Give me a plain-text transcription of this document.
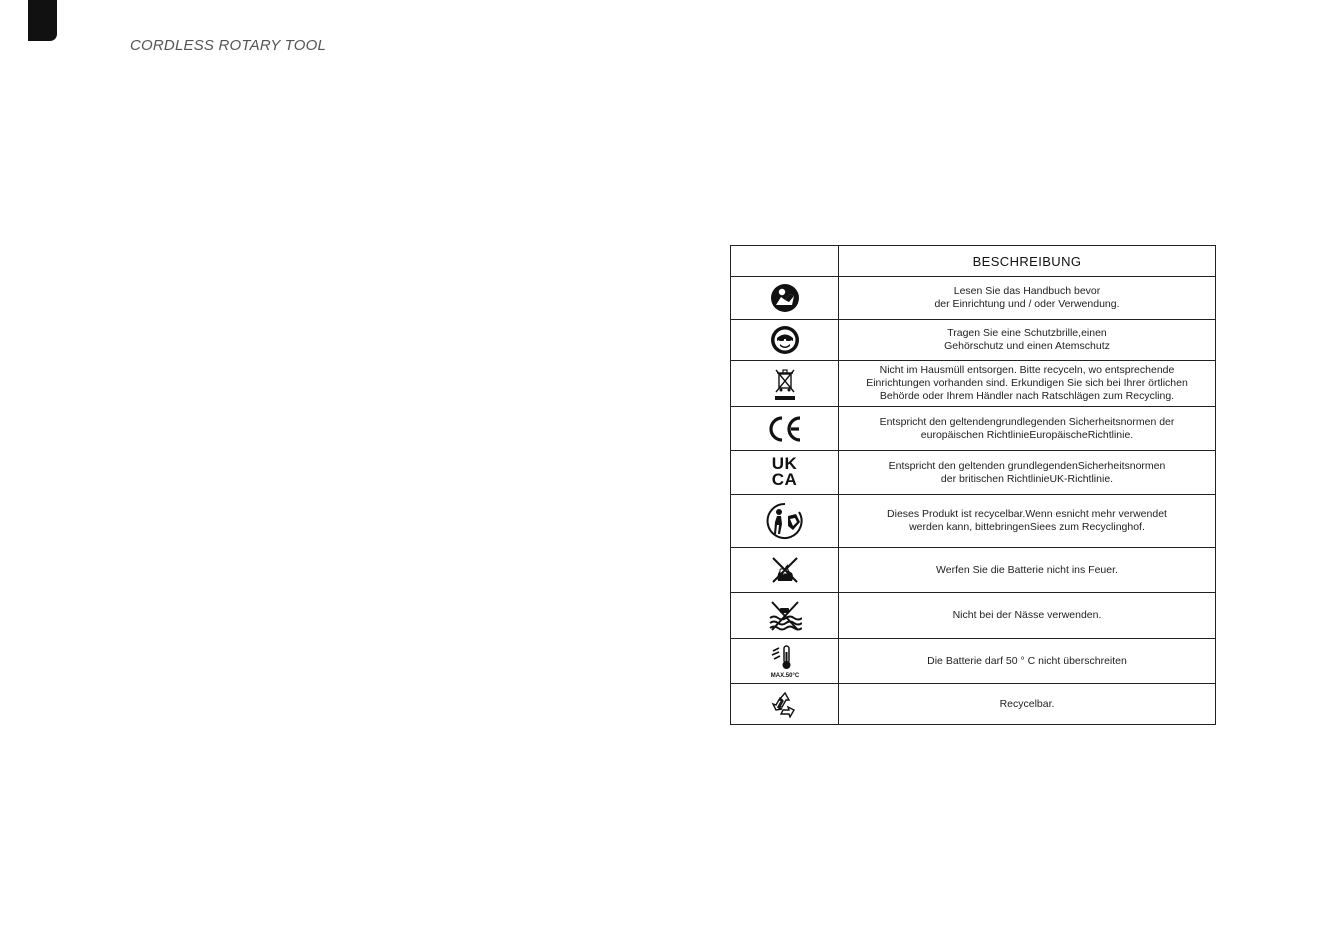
CORDLESS ROTARY TOOL
	BESCHREIBUNG

	Lesen Sie das Handbuch bevor
der Einrichtung und / oder Verwendung.

	Tragen Sie eine Schutzbrille,einen
Gehörschutz und einen Atemschutz

	Nicht im Hausmüll entsorgen. Bitte recyceln, wo entsprechende
Einrichtungen vorhanden sind. Erkundigen Sie sich bei Ihrer örtlichen
Behörde oder Ihrem Händler nach Ratschlägen zum Recycling.

	Entspricht den geltendengrundlegenden Sicherheitsnormen der
europäischen RichtlinieEuropäischeRichtlinie.
UK
CA	Entspricht den geltenden grundlegendenSicherheitsnormen
der britischen RichtlinieUK-Richtlinie.

	Dieses Produkt ist recycelbar.Wenn esnicht mehr verwendet
werden kann, bittebringenSiees zum Recyclinghof.

	Werfen Sie die Batterie nicht ins Feuer.

	Nicht bei der Nässe verwenden.

MAX.50°C	Die Batterie darf 50 ° C nicht überschreiten

	Recycelbar.
